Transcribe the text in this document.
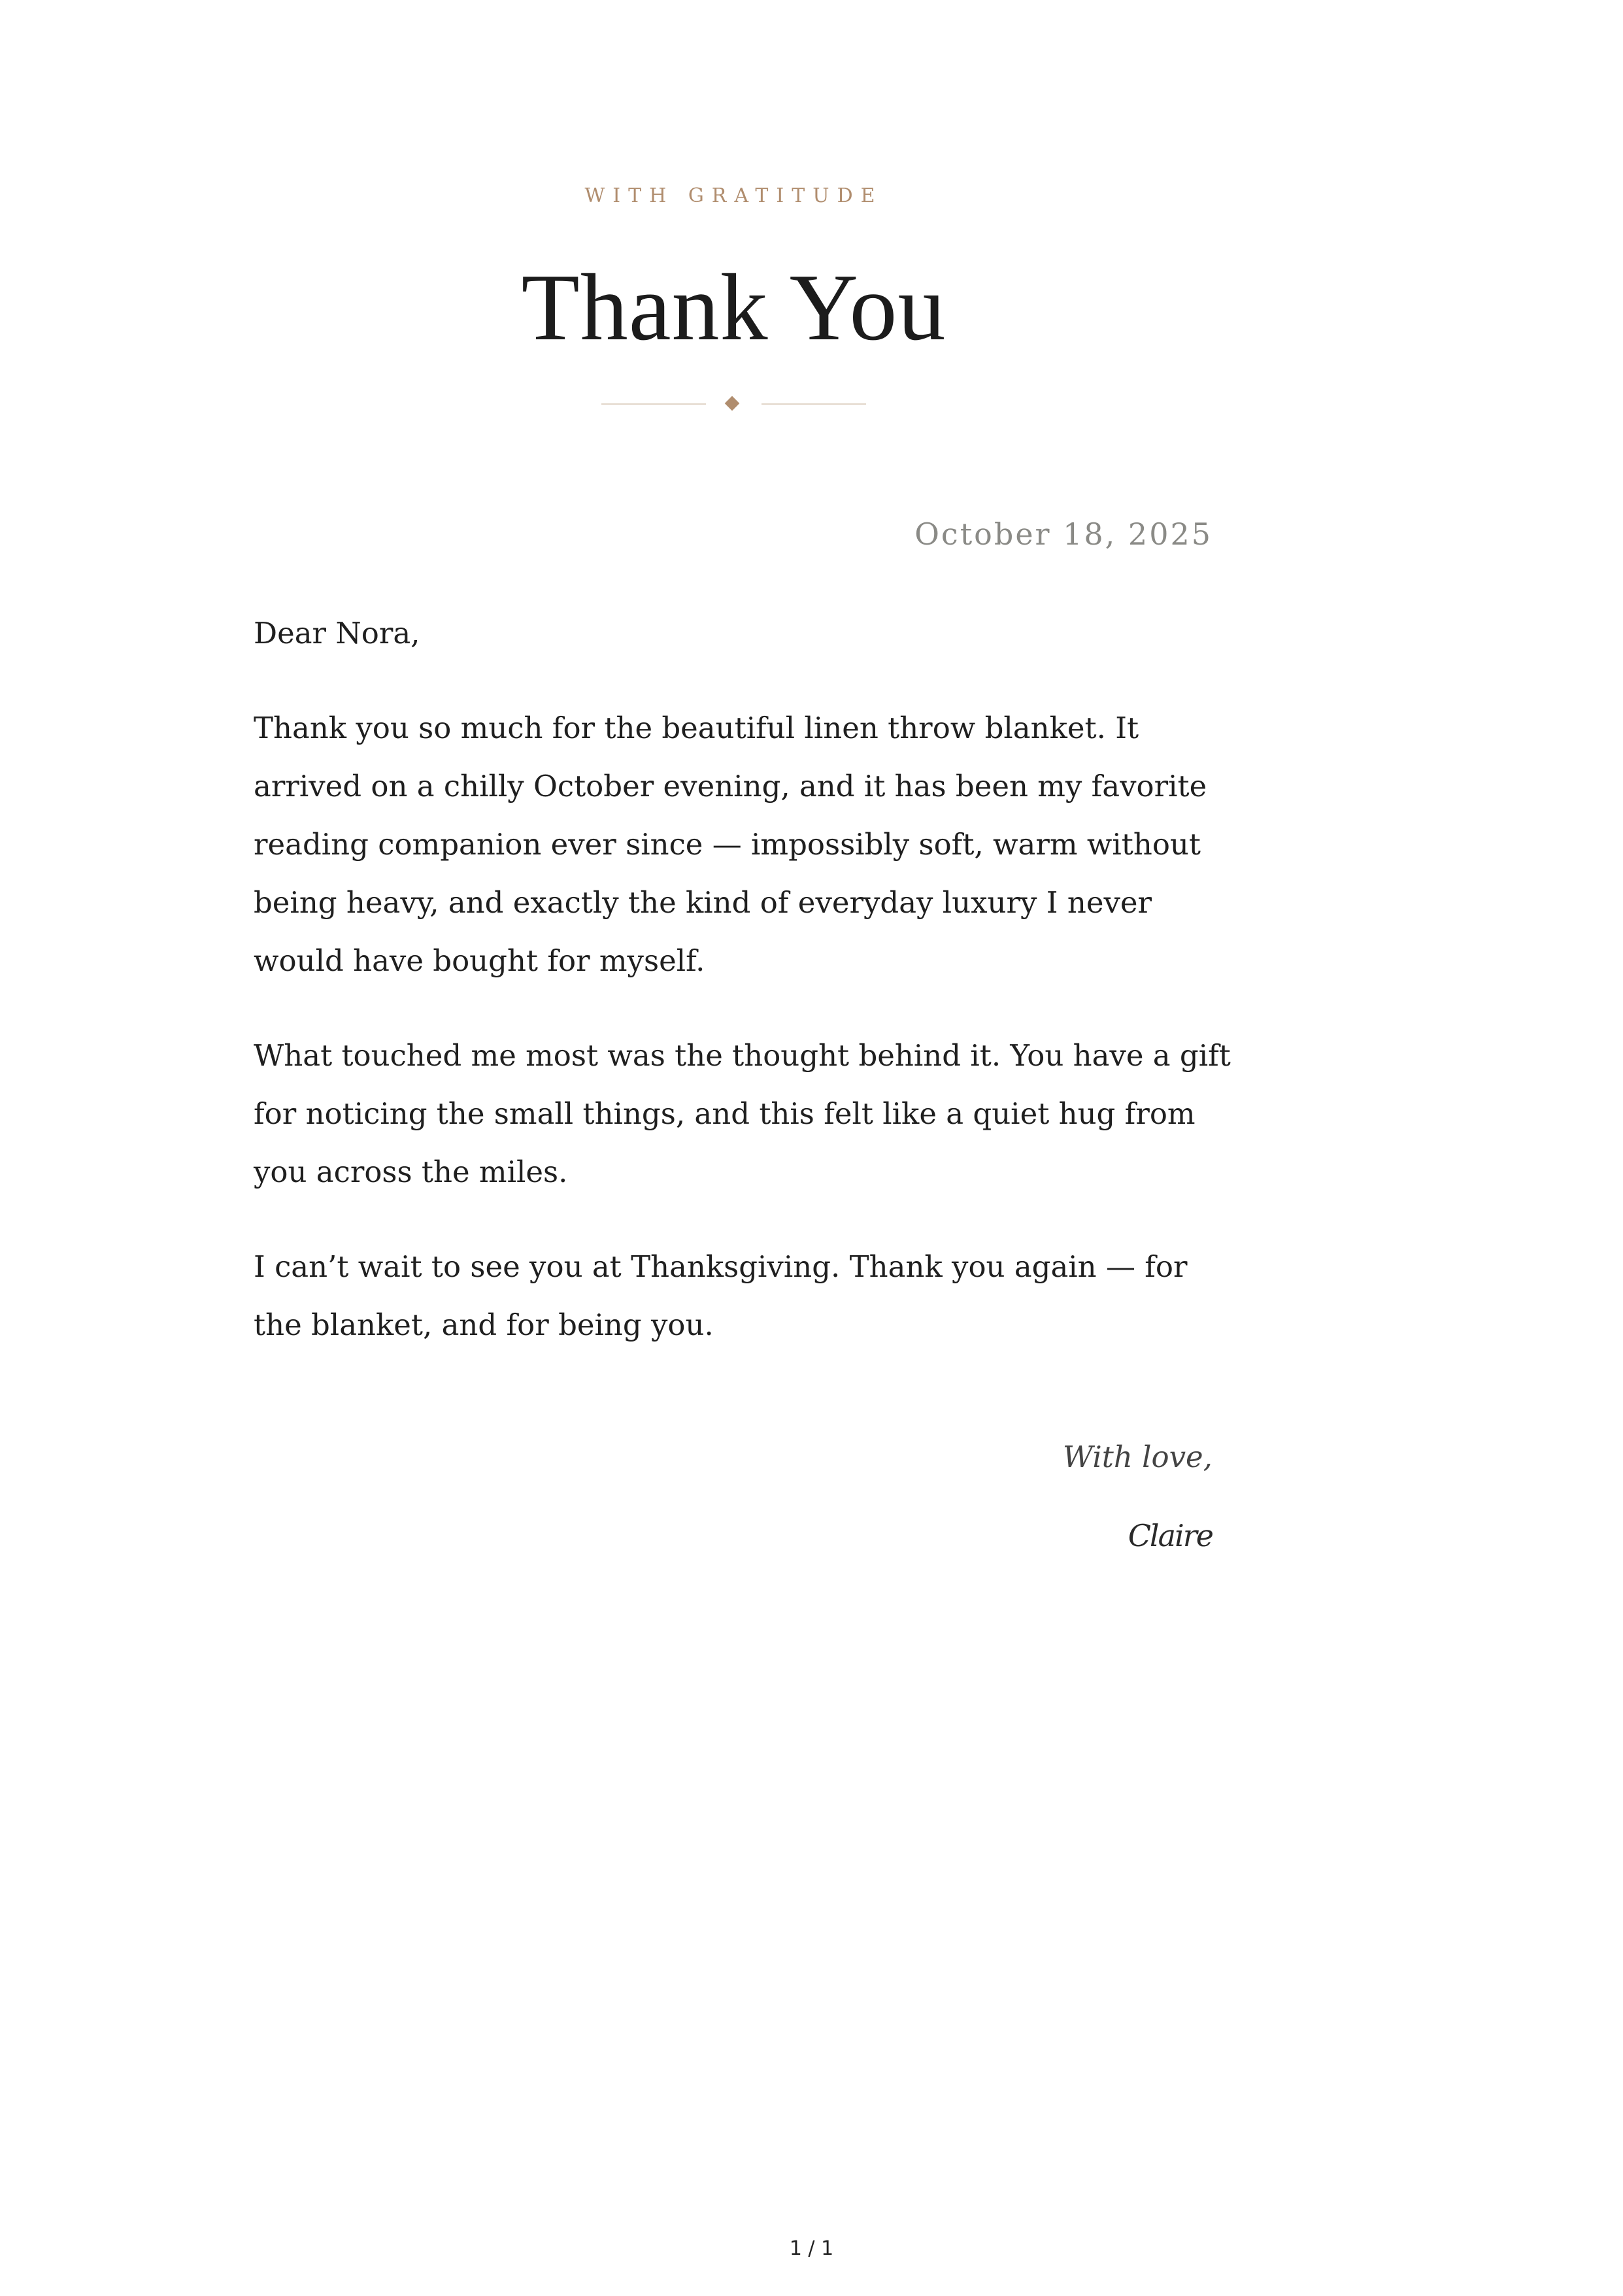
WITH GRATITUDE
Thank You
October 18, 2025

Dear Nora,

Thank you so much for the beautiful linen throw blanket. It arrived on a chilly October evening, and it has been my favorite reading companion ever since — impossibly soft, warm without being heavy, and exactly the kind of everyday luxury I never would have bought for myself.

What touched me most was the thought behind it. You have a gift for noticing the small things, and this felt like a quiet hug from you across the miles.

I can’t wait to see you at Thanksgiving. Thank you again — for the blanket, and for being you.

With love,
Claire
1 / 1
